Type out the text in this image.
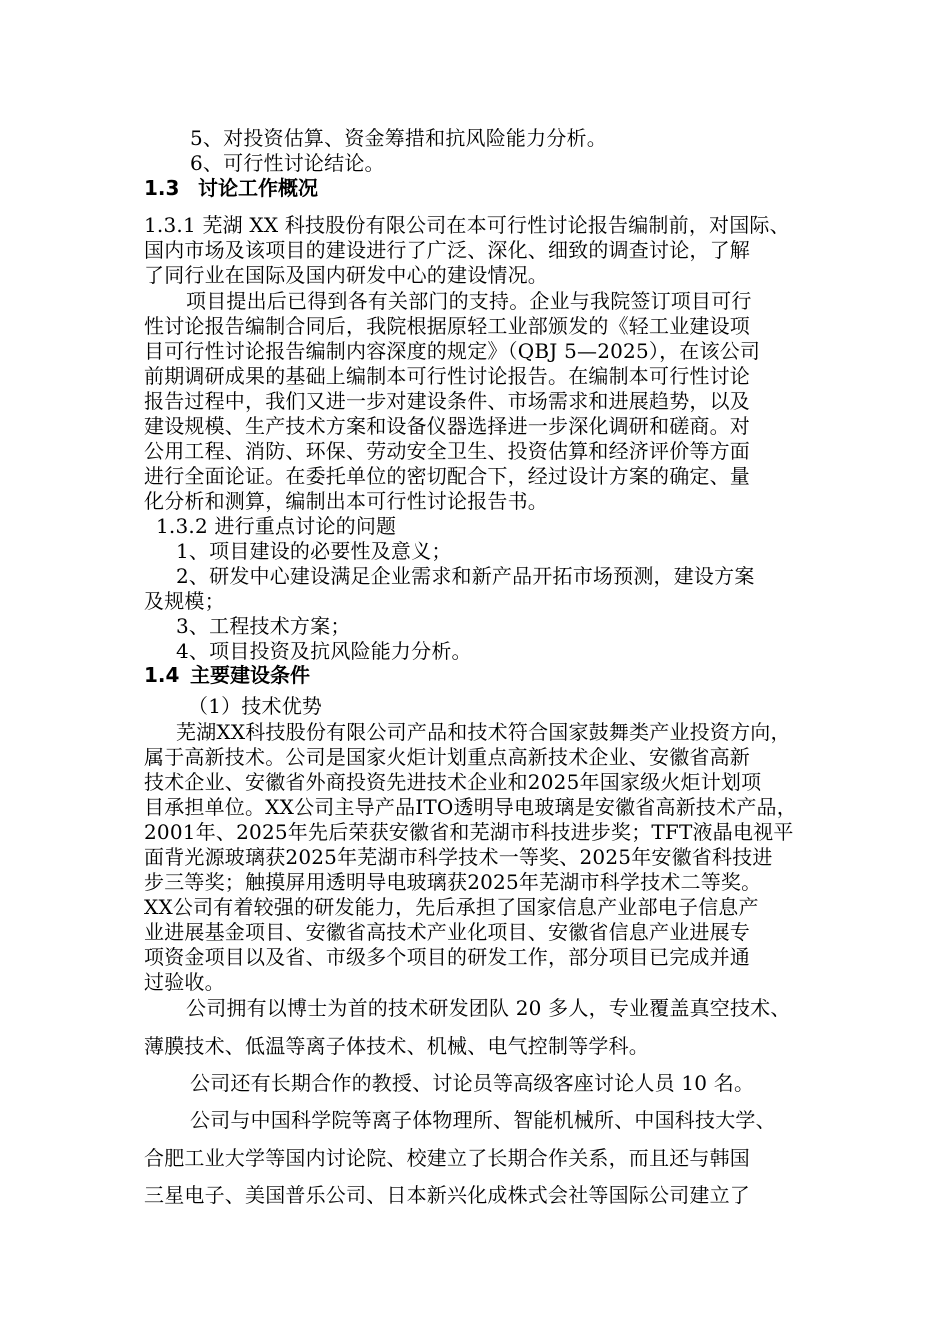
5、对投资估算、资金筹措和抗风险能力分析。
6、可行性讨论结论。
1.3 讨论工作概况
1.3.1 芜湖 XX 科技股份有限公司在本可行性讨论报告编制前，对国际、
国内市场及该项目的建设进行了广泛、深化、细致的调查讨论，了解
了同行业在国际及国内研发中心的建设情况。
项目提出后已得到各有关部门的支持。企业与我院签订项目可行
性讨论报告编制合同后，我院根据原轻工业部颁发的《轻工业建设项
目可行性讨论报告编制内容深度的规定》（QBJ 5—2025），在该公司
前期调研成果的基础上编制本可行性讨论报告。在编制本可行性讨论
报告过程中，我们又进一步对建设条件、市场需求和进展趋势，以及
建设规模、生产技术方案和设备仪器选择进一步深化调研和磋商。对
公用工程、消防、环保、劳动安全卫生、投资估算和经济评价等方面
进行全面论证。在委托单位的密切配合下，经过设计方案的确定、量
化分析和测算，编制出本可行性讨论报告书。
1.3.2 进行重点讨论的问题
1、项目建设的必要性及意义；
2、研发中心建设满足企业需求和新产品开拓市场预测，建设方案
及规模；
3、工程技术方案；
4、项目投资及抗风险能力分析。
1.4 主要建设条件
（1）技术优势
芜湖XX科技股份有限公司产品和技术符合国家鼓舞类产业投资方向，
属于高新技术。公司是国家火炬计划重点高新技术企业、安徽省高新
技术企业、安徽省外商投资先进技术企业和2025年国家级火炬计划项
目承担单位。XX公司主导产品ITO透明导电玻璃是安徽省高新技术产品，
2001年、2025年先后荣获安徽省和芜湖市科技进步奖；TFT液晶电视平
面背光源玻璃获2025年芜湖市科学技术一等奖、2025年安徽省科技进
步三等奖；触摸屏用透明导电玻璃获2025年芜湖市科学技术二等奖。
XX公司有着较强的研发能力，先后承担了国家信息产业部电子信息产
业进展基金项目、安徽省高技术产业化项目、安徽省信息产业进展专
项资金项目以及省、市级多个项目的研发工作，部分项目已完成并通
过验收。
公司拥有以博士为首的技术研发团队 20 多人，专业覆盖真空技术、
薄膜技术、低温等离子体技术、机械、电气控制等学科。
公司还有长期合作的教授、讨论员等高级客座讨论人员 10 名。
公司与中国科学院等离子体物理所、智能机械所、中国科技大学、
合肥工业大学等国内讨论院、校建立了长期合作关系，而且还与韩国
三星电子、美国普乐公司、日本新兴化成株式会社等国际公司建立了
